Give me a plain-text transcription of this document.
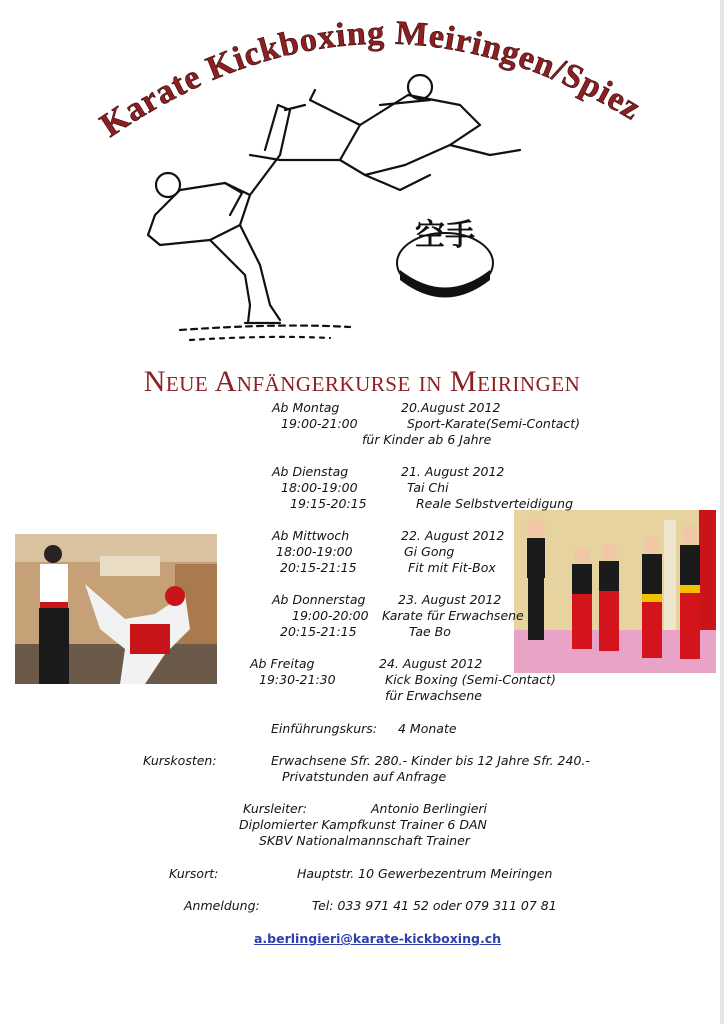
Karate Kickboxing Meiringen/Spiez
空手
Neue Anfängerkurse in Meiringen
Ab Montag	20.August 2012
19:00-21:00	Sport-Karate(Semi-Contact)
für Kinder ab 6 Jahre
Ab Dienstag	21. August 2012
18:00-19:00	Tai Chi
19:15-20:15	Reale Selbstverteidigung
Ab Mittwoch	22. August 2012
18:00-19:00	Gi Gong
20:15-21:15	Fit mit Fit-Box
Ab Donnerstag	23. August 2012
19:00-20:00 Karate für Erwachsene
20:15-21:15	Tae Bo
Ab Freitag	24. August 2012
19:30-21:30	Kick Boxing (Semi-Contact)
für Erwachsene
Einführungskurs: 4 Monate
Kurskosten:	Erwachsene Sfr. 280.- Kinder bis 12 Jahre Sfr. 240.-
Privatstunden auf Anfrage
Kursleiter:	Antonio Berlingieri
Diplomierter Kampfkunst Trainer 6 DAN
SKBV Nationalmannschaft Trainer
Kursort:	Hauptstr. 10 Gewerbezentrum Meiringen
Anmeldung:	Tel: 033 971 41 52 oder 079 311 07 81
a.berlingieri@karate-kickboxing.ch
